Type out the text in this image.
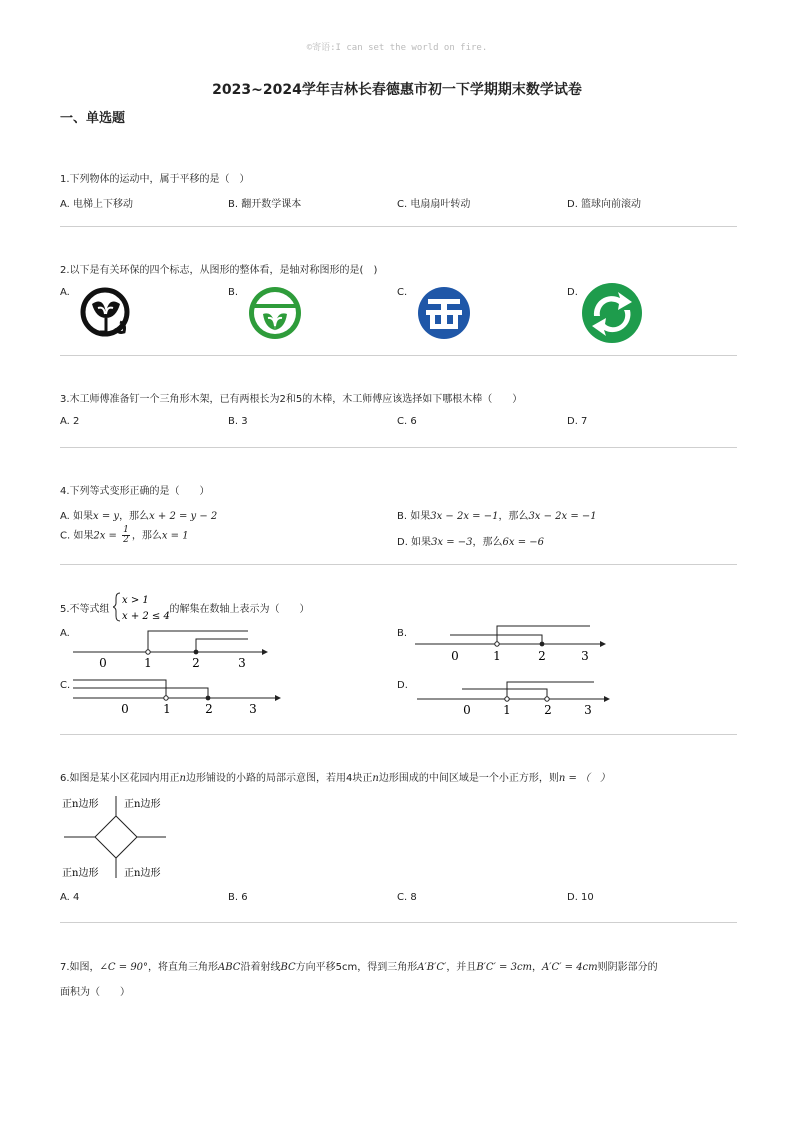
©寄语:I can set the world on fire.
2023~2024学年吉林长春德惠市初一下学期期末数学试卷
一、单选题
1.下列物体的运动中，属于平移的是（　）
A. 电梯上下移动	B. 翻开数学课本	C. 电扇扇叶转动	D. 篮球向前滚动
2.以下是有关环保的四个标志，从图形的整体看，是轴对称图形的是(　)
A.	B.	C.	D.
3.木工师傅准备钉一个三角形木架，已有两根长为2和5的木棒，木工师傅应该选择如下哪根木棒（　　）
A. 2	B. 3	C. 6	D. 7
4.下列等式变形正确的是（　　）
A. 如果x = y，那么x + 2 = y − 2	B. 如果3x − 2x = −1，那么3x − 2x = −1
C. 如果$2x = \frac{1}{2}$ ，那么x = 1
D. 如果3x = −3，那么6x = −6
5.不等式组	的解集在数轴上表示为（　　）
x > 1
x + 2 ≤ 4
A.
0	1	2	3
B.
0	1	2	3
C.
0	1	2	3
D.
0	1	2	3
6.如图是某小区花园内用正n边形铺设的小路的局部示意图，若用4块正n边形围成的中间区域是一个小正方形，则n = （　）
正n边形	正n边形
正n边形	正n边形
A. 4	B. 6	C. 8	D. 10
7.如图，∠C = 90°，将直角三角形ABC沿着射线BC方向平移5cm，得到三角形A′B′C′，并且B′C′ = 3cm，A′C′ = 4cm则阴影部分的
面积为（　　）
